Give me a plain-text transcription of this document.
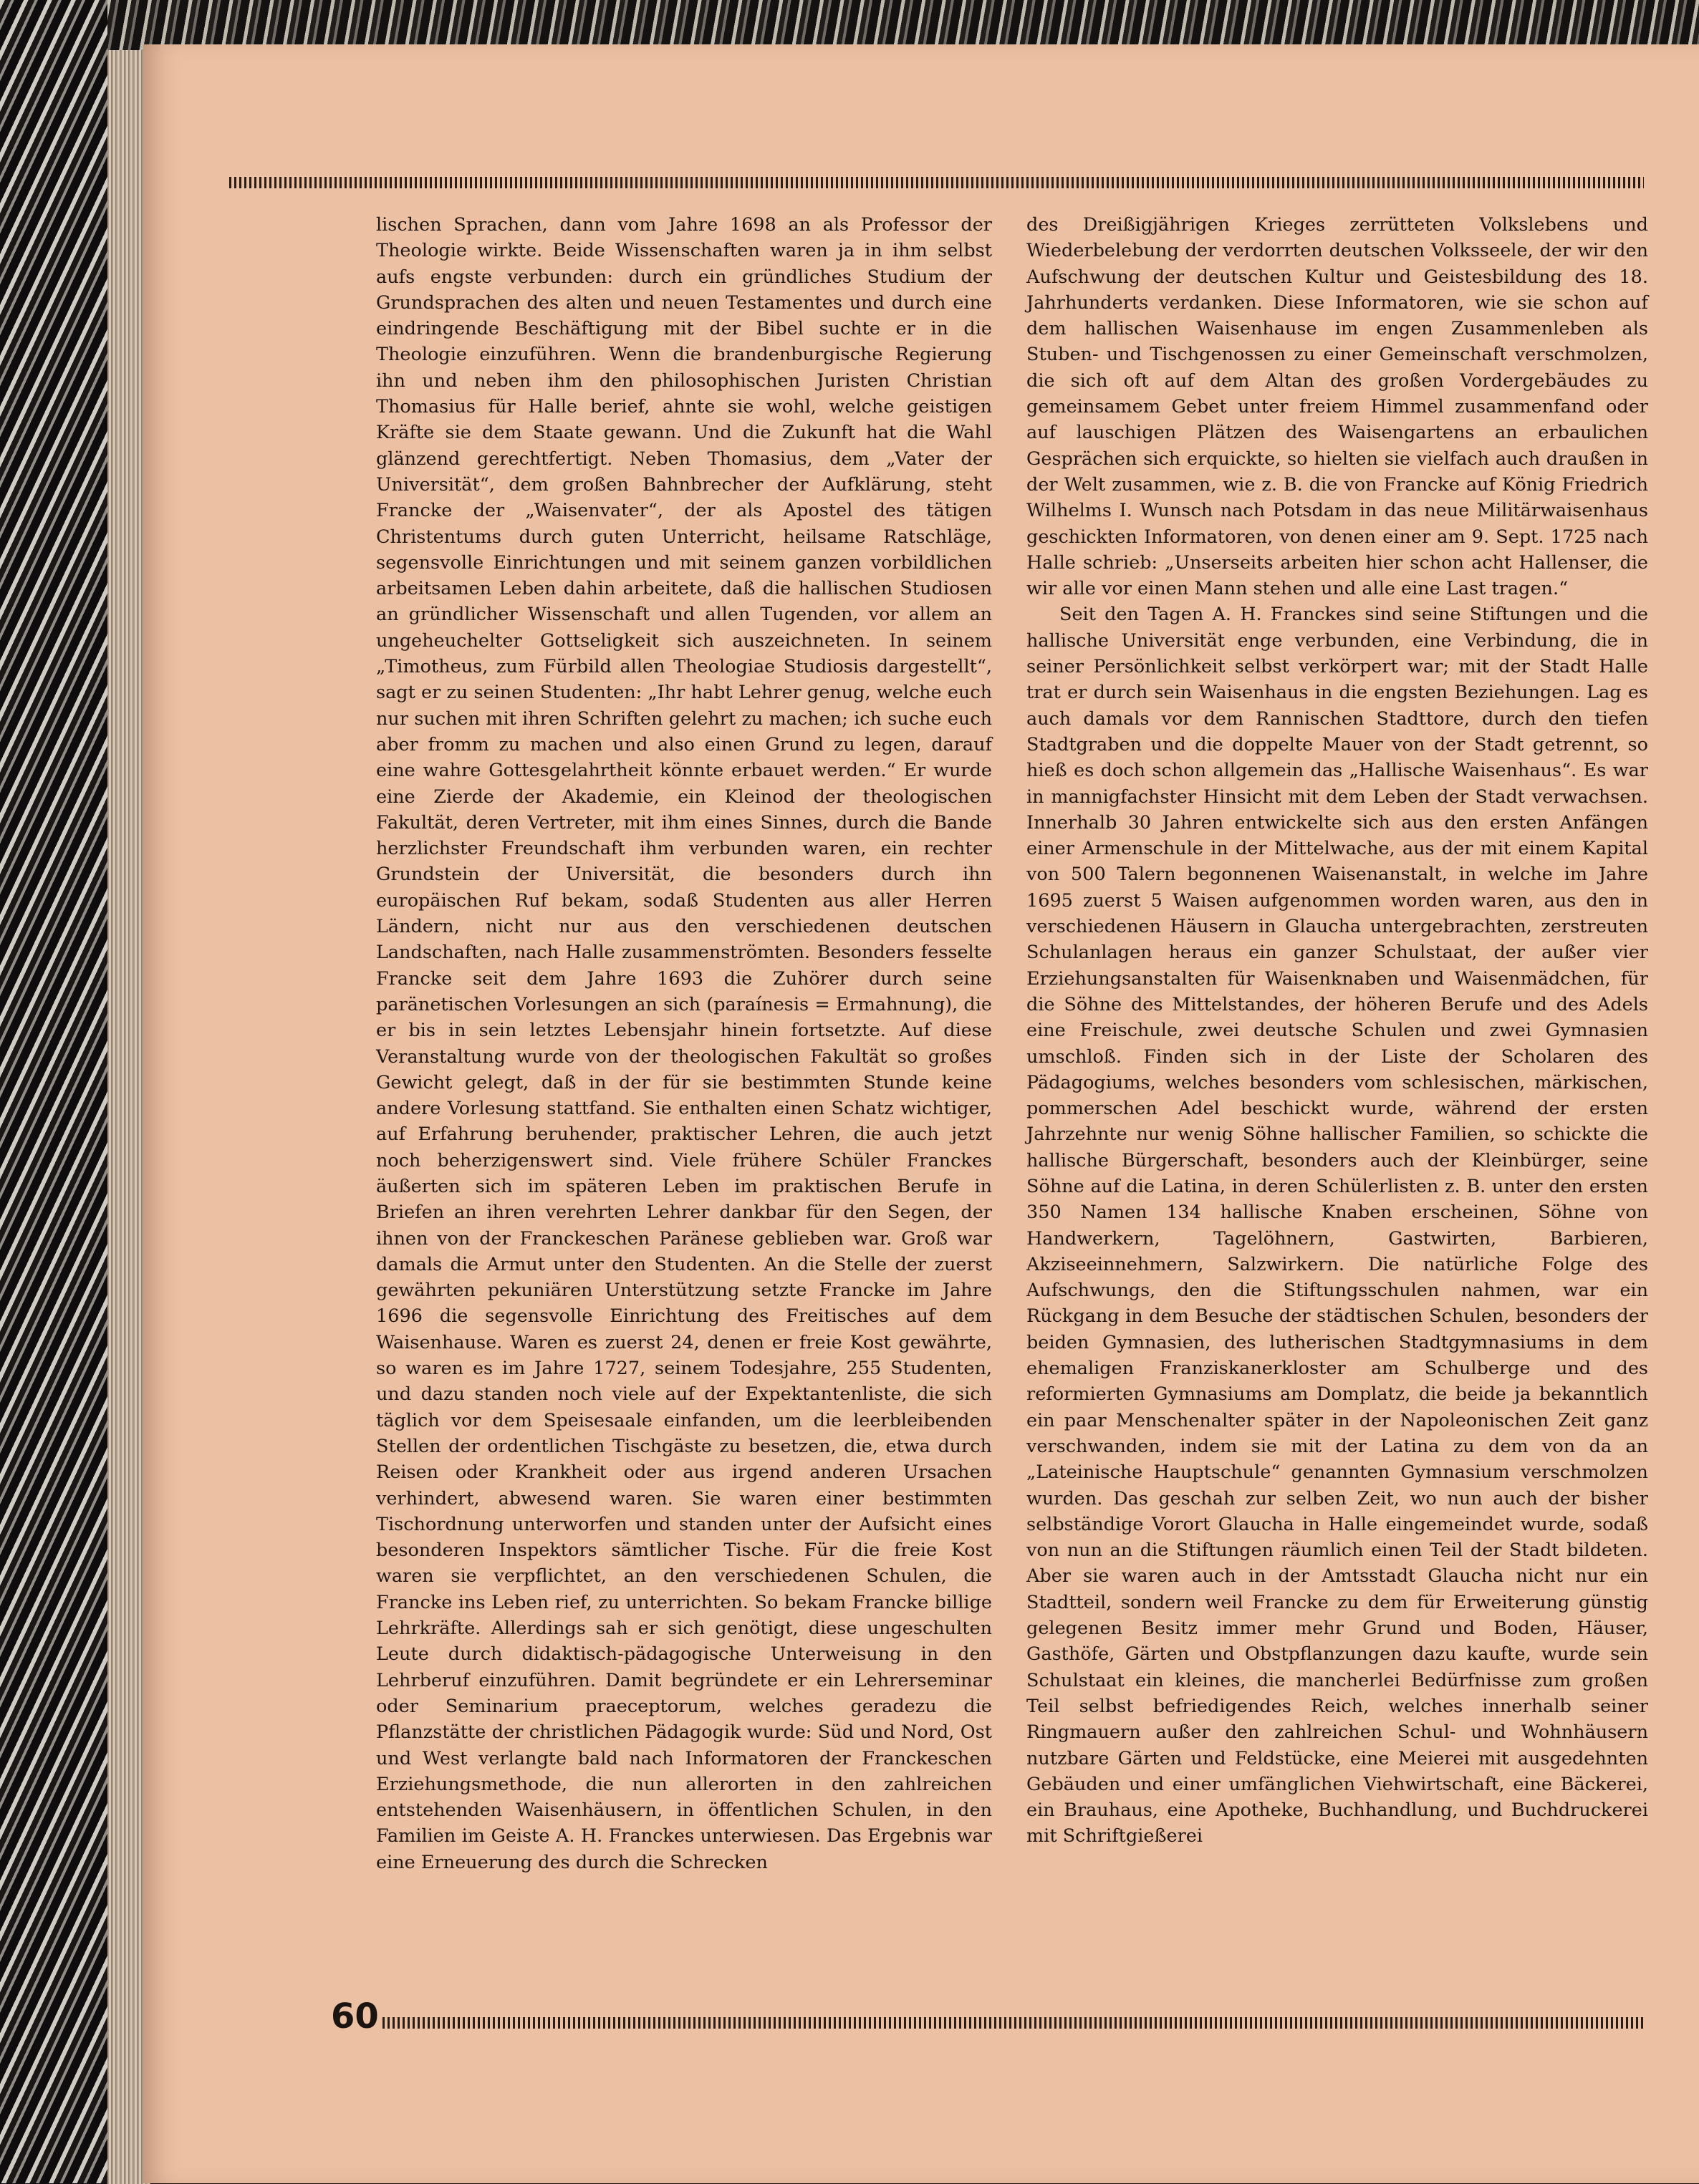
lischen Sprachen, dann vom Jahre 1698 an als Professor der Theologie wirkte. Beide Wissenschaften waren ja in ihm selbst aufs engste verbunden: durch ein gründliches Studium der Grundsprachen des alten und neuen Testamentes und durch eine eindringende Beschäftigung mit der Bibel suchte er in die Theologie einzuführen. Wenn die brandenburgische Regierung ihn und neben ihm den philosophischen Juristen Christian Thomasius für Halle berief, ahnte sie wohl, welche geistigen Kräfte sie dem Staate gewann. Und die Zukunft hat die Wahl glänzend gerechtfertigt. Neben Thomasius, dem „Vater der Universität“, dem großen Bahnbrecher der Aufklärung, steht Francke der „Waisenvater“, der als Apostel des tätigen Christentums durch guten Unterricht, heilsame Ratschläge, segensvolle Einrichtungen und mit seinem ganzen vorbildlichen arbeitsamen Leben dahin arbeitete, daß die hallischen Studiosen an gründlicher Wissenschaft und allen Tugenden, vor allem an ungeheuchelter Gottseligkeit sich auszeichneten. In seinem „Timotheus, zum Fürbild allen Theologiae Studiosis dargestellt“, sagt er zu seinen Studenten: „Ihr habt Lehrer genug, welche euch nur suchen mit ihren Schriften gelehrt zu machen; ich suche euch aber fromm zu machen und also einen Grund zu legen, darauf eine wahre Gottesgelahrtheit könnte erbauet werden.“ Er wurde eine Zierde der Akademie, ein Kleinod der theologischen Fakultät, deren Vertreter, mit ihm eines Sinnes, durch die Bande herzlichster Freundschaft ihm verbunden waren, ein rechter Grundstein der Universität, die besonders durch ihn europäischen Ruf bekam, sodaß Studenten aus aller Herren Ländern, nicht nur aus den verschiedenen deutschen Landschaften, nach Halle zusammenströmten. Besonders fesselte Francke seit dem Jahre 1693 die Zuhörer durch seine paränetischen Vorlesungen an sich (paraínesis = Ermahnung), die er bis in sein letztes Lebensjahr hinein fortsetzte. Auf diese Veranstaltung wurde von der theologischen Fakultät so großes Gewicht gelegt, daß in der für sie bestimmten Stunde keine andere Vorlesung stattfand. Sie enthalten einen Schatz wichtiger, auf Erfahrung beruhender, praktischer Lehren, die auch jetzt noch beherzigenswert sind. Viele frühere Schüler Franckes äußerten sich im späteren Leben im praktischen Berufe in Briefen an ihren verehrten Lehrer dankbar für den Segen, der ihnen von der Franckeschen Paränese geblieben war. Groß war damals die Armut unter den Studenten. An die Stelle der zuerst gewährten pekuniären Unterstützung setzte Francke im Jahre 1696 die segensvolle Einrichtung des Freitisches auf dem Waisenhause. Waren es zuerst 24, denen er freie Kost gewährte, so waren es im Jahre 1727, seinem Todesjahre, 255 Studenten, und dazu standen noch viele auf der Expektantenliste, die sich täglich vor dem Speisesaale einfanden, um die leerbleibenden Stellen der ordentlichen Tischgäste zu besetzen, die, etwa durch Reisen oder Krankheit oder aus irgend anderen Ursachen verhindert, abwesend waren. Sie waren einer bestimmten Tischordnung unterworfen und standen unter der Aufsicht eines besonderen Inspektors sämtlicher Tische. Für die freie Kost waren sie verpflichtet, an den verschiedenen Schulen, die Francke ins Leben rief, zu unterrichten. So bekam Francke billige Lehrkräfte. Allerdings sah er sich genötigt, diese ungeschulten Leute durch didaktisch-pädagogische Unterweisung in den Lehrberuf einzuführen. Damit begründete er ein Lehrerseminar oder Seminarium praeceptorum, welches geradezu die Pflanzstätte der christlichen Pädagogik wurde: Süd und Nord, Ost und West verlangte bald nach Informatoren der Franckeschen Erziehungsmethode, die nun allerorten in den zahlreichen entstehenden Waisenhäusern, in öffentlichen Schulen, in den Familien im Geiste A. H. Franckes unterwiesen. Das Ergebnis war eine Erneuerung des durch die Schrecken

des Dreißigjährigen Krieges zerrütteten Volkslebens und Wiederbelebung der verdorrten deutschen Volksseele, der wir den Aufschwung der deutschen Kultur und Geistesbildung des 18. Jahrhunderts verdanken. Diese Informatoren, wie sie schon auf dem hallischen Waisenhause im engen Zusammenleben als Stuben- und Tischgenossen zu einer Gemeinschaft verschmolzen, die sich oft auf dem Altan des großen Vordergebäudes zu gemeinsamem Gebet unter freiem Himmel zusammenfand oder auf lauschigen Plätzen des Waisengartens an erbaulichen Gesprächen sich erquickte, so hielten sie vielfach auch draußen in der Welt zusammen, wie z. B. die von Francke auf König Friedrich Wilhelms I. Wunsch nach Potsdam in das neue Militärwaisenhaus geschickten Informatoren, von denen einer am 9. Sept. 1725 nach Halle schrieb: „Unserseits arbeiten hier schon acht Hallenser, die wir alle vor einen Mann stehen und alle eine Last tragen.“

Seit den Tagen A. H. Franckes sind seine Stiftungen und die hallische Universität enge verbunden, eine Verbindung, die in seiner Persönlichkeit selbst verkörpert war; mit der Stadt Halle trat er durch sein Waisenhaus in die engsten Beziehungen. Lag es auch damals vor dem Rannischen Stadttore, durch den tiefen Stadtgraben und die doppelte Mauer von der Stadt getrennt, so hieß es doch schon allgemein das „Hallische Waisenhaus“. Es war in mannigfachster Hinsicht mit dem Leben der Stadt verwachsen. Innerhalb 30 Jahren entwickelte sich aus den ersten Anfängen einer Armenschule in der Mittelwache, aus der mit einem Kapital von 500 Talern begonnenen Waisenanstalt, in welche im Jahre 1695 zuerst 5 Waisen aufgenommen worden waren, aus den in verschiedenen Häusern in Glaucha untergebrachten, zerstreuten Schulanlagen heraus ein ganzer Schulstaat, der außer vier Erziehungsanstalten für Waisenknaben und Waisenmädchen, für die Söhne des Mittelstandes, der höheren Berufe und des Adels eine Freischule, zwei deutsche Schulen und zwei Gymnasien umschloß. Finden sich in der Liste der Scholaren des Pädagogiums, welches besonders vom schlesischen, märkischen, pommerschen Adel beschickt wurde, während der ersten Jahrzehnte nur wenig Söhne hallischer Familien, so schickte die hallische Bürgerschaft, besonders auch der Kleinbürger, seine Söhne auf die Latina, in deren Schülerlisten z. B. unter den ersten 350 Namen 134 hallische Knaben erscheinen, Söhne von Handwerkern, Tagelöhnern, Gastwirten, Barbieren, Akziseeinnehmern, Salzwirkern. Die natürliche Folge des Aufschwungs, den die Stiftungsschulen nahmen, war ein Rückgang in dem Besuche der städtischen Schulen, besonders der beiden Gymnasien, des lutherischen Stadtgymnasiums in dem ehemaligen Franziskanerkloster am Schulberge und des reformierten Gymnasiums am Domplatz, die beide ja bekanntlich ein paar Menschenalter später in der Napoleonischen Zeit ganz verschwanden, indem sie mit der Latina zu dem von da an „Lateinische Hauptschule“ genannten Gymnasium verschmolzen wurden. Das geschah zur selben Zeit, wo nun auch der bisher selbständige Vorort Glaucha in Halle eingemeindet wurde, sodaß von nun an die Stiftungen räumlich einen Teil der Stadt bildeten. Aber sie waren auch in der Amtsstadt Glaucha nicht nur ein Stadtteil, sondern weil Francke zu dem für Erweiterung günstig gelegenen Besitz immer mehr Grund und Boden, Häuser, Gasthöfe, Gärten und Obstpflanzungen dazu kaufte, wurde sein Schulstaat ein kleines, die mancherlei Bedürfnisse zum großen Teil selbst befriedigendes Reich, welches innerhalb seiner Ringmauern außer den zahlreichen Schul- und Wohnhäusern nutzbare Gärten und Feldstücke, eine Meierei mit ausgedehnten Gebäuden und einer umfänglichen Viehwirtschaft, eine Bäckerei, ein Brauhaus, eine Apotheke, Buchhandlung, und Buchdruckerei mit Schriftgießerei

60
